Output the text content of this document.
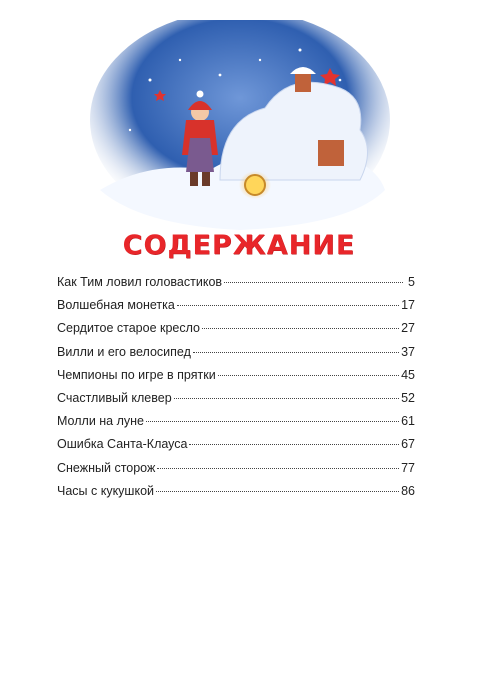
СОДЕРЖАНИЕ
Как Тим ловил головастиков	5
Волшебная монетка	17
Сердитое старое кресло	27
Вилли и его велосипед	37
Чемпионы по игре в прятки	45
Счастливый клевер	52
Молли на луне	61
Ошибка Санта-Клауса	67
Снежный сторож	77
Часы с кукушкой	86
